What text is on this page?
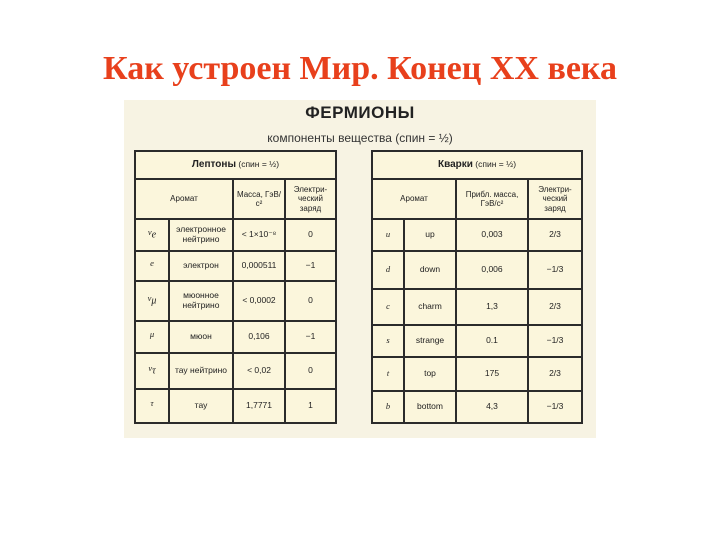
Как устроен Мир. Конец XX века
ФЕРМИОНЫ
компоненты вещества (спин = ½)
Лептоны (спин = ½)			
Аромат		Масса, ГэВ/с²	Электри-ческий заряд
$\nu_e$	электронное нейтрино	< 1×10⁻⁸	0
e	электрон	0,000511	−1
$\nu_\mu$	мюонное нейтрино	< 0,0002	0
μ	мюон	0,106	−1
$\nu_\tau$	тау нейтрино	< 0,02	0
τ	тау	1,7771	1
Кварки (спин = ½)			
Аромат		Прибл. масса, ГэВ/с²	Электри-ческий заряд
u	up	0,003	2/3
d	down	0,006	−1/3
c	charm	1,3	2/3
s	strange	0.1	−1/3
t	top	175	2/3
b	bottom	4,3	−1/3
